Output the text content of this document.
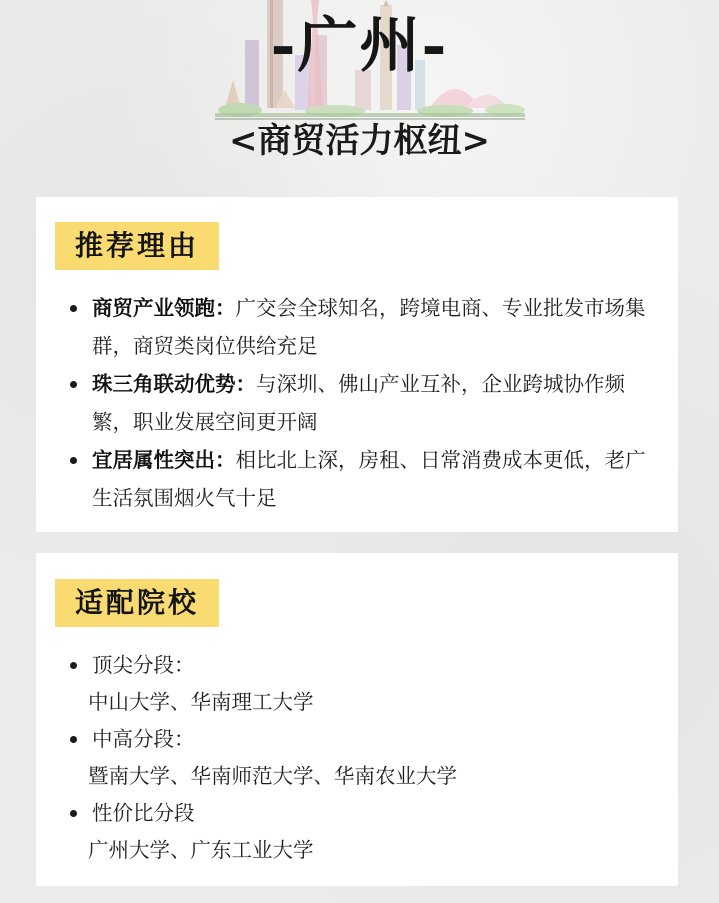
-广州-
<商贸活力枢纽>
推荐理由
商贸产业领跑：广交会全球知名，跨境电商、专业批发市场集群，商贸类岗位供给充足
珠三角联动优势：与深圳、佛山产业互补，企业跨城协作频繁，职业发展空间更开阔
宜居属性突出：相比北上深，房租、日常消费成本更低，老广生活氛围烟火气十足
适配院校
顶尖分段：
中山大学、华南理工大学
中高分段：
暨南大学、华南师范大学、华南农业大学
性价比分段
广州大学、广东工业大学
